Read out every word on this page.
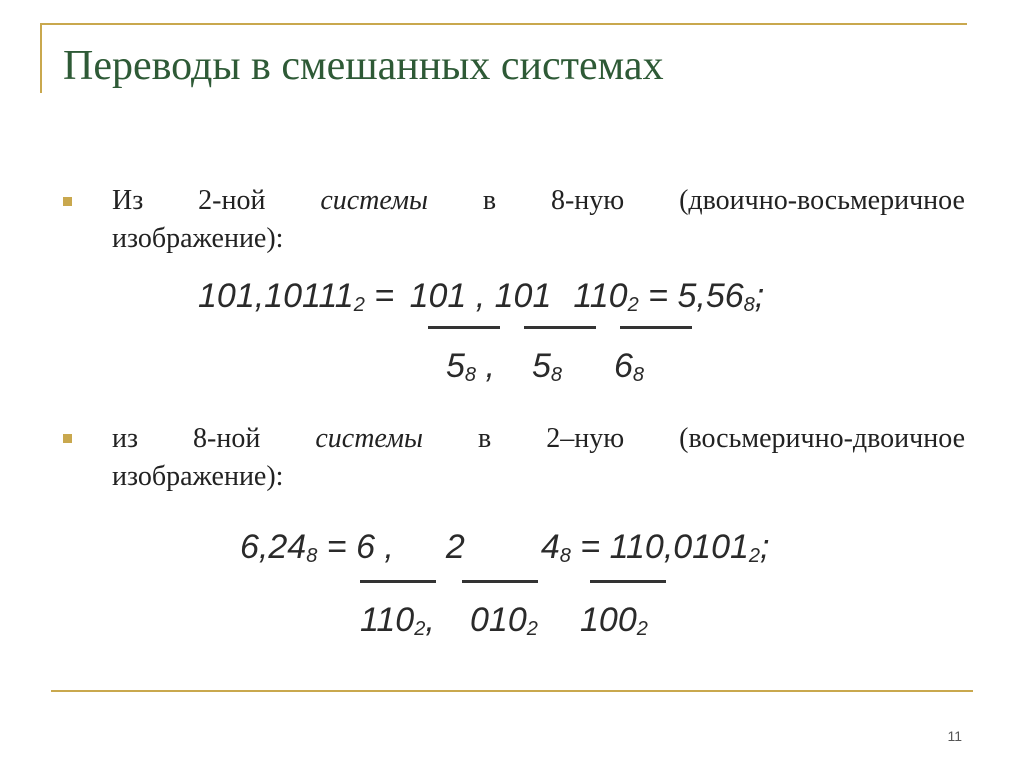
Переводы в смешанных системах
Из 2-ной системы в 8-ную (двоично-восьмеричное
изображение):
$101,10111_2 = 101$ , 101 $110_2 = 5,56_8$;
$5_8$ , $5_8$ $6_8$
из 8-ной системы в 2–ную (восьмерично-двоичное
изображение):
$6,24_8 = 6$ , 2 $4_8 = 110,0101_2$;
$110_2$, $010_2$ $100_2$
11
